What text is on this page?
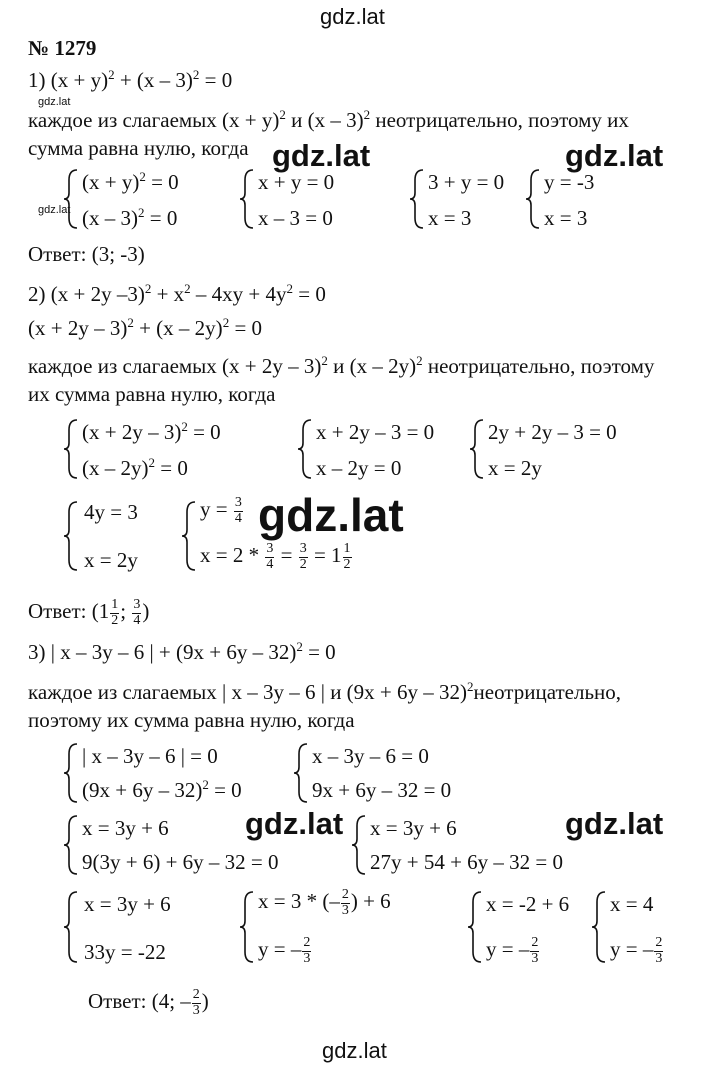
gdz.lat
gdz.lat
gdz.lat
gdz.lat	gdz.lat
gdz.lat
gdz.lat	gdz.lat
gdz.lat
№ 1279
1) $(x + y)^2 + (x - 3)^2 = 0$
каждое из слагаемых $(x + y)^2$ и (x – 3)$^2$ неотрицательно, поэтому их
сумма равна нулю, когда
$(x + y)^2 = 0$
(x – 3)$^2$ = 0
x + y = 0
x – 3 = 0
3 + y = 0
x = 3
y = -3
x = 3
Ответ: (3; -3)
2) (x + 2y $-3)^2 + x^2 - 4xy + 4y^2 = 0$
$(x + 2y - 3)^2 + (x - 2y)^2 = 0$
каждое из слагаемых $(x + 2y - 3)^2$ и (x – 2y)$^2$ неотрицательно, поэтому
их сумма равна нулю, когда
$(x + 2y - 3)^2 = 0$
(x – 2y)$^2$ = 0
x + 2y – 3 = 0
x – 2y = 0
2y + 2y – 3 = 0
x = 2y
4y = 3
x = 2y
$y = \frac{3}{4}$
$x = 2 * \frac{3}{4} = \frac{3}{2} = 1 \frac{1}{2}$
Ответ: ($1 \frac{1}{2}$ ; $\frac{3}{4}$ )
3) | x – 3y – 6 | + $(9x + 6y - 32)^2 = 0$
каждое из слагаемых | x – 3y – 6 | и $(9x + 6y - 32)^2неотрицательно$,
поэтому их сумма равна нулю, когда
| x – 3y – 6 | = 0
$(9x + 6y - 32)^2 = 0$
x – 3y – 6 = 0
9x + 6y – 32 = 0
x = 3y + 6
9(3y + 6) + 6y – 32 = 0
x = 3y + 6
27y + 54 + 6y – 32 = 0
x = 3y + 6
33y = -22
x = 3 * (– $\frac{2}{3}$ ) + 6
y = – $\frac{2}{3}$
x = -2 + 6
y = – $\frac{2}{3}$
x = 4
y = – $\frac{2}{3}$
Ответ: (4; – $\frac{2}{3}$ )
